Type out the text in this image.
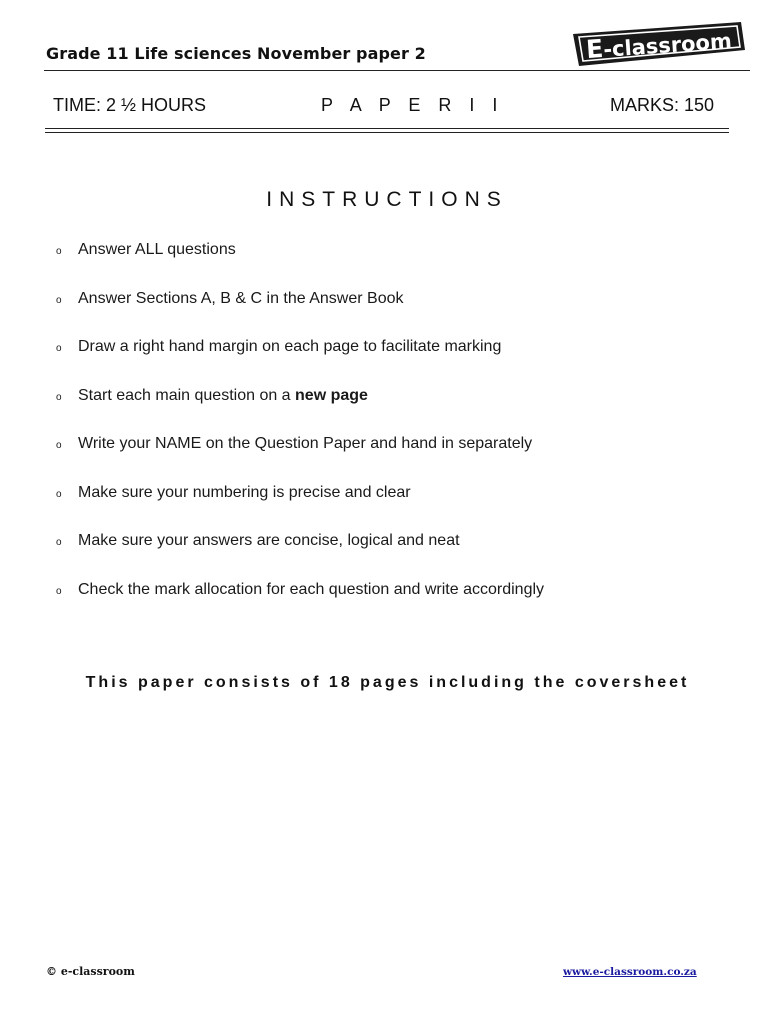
Grade 11 Life sciences November paper 2	E-classroom
TIME: 2 ½ HOURS	P A P E R I I	MARKS: 150
INSTRUCTIONS
o Answer ALL questions
o Answer Sections A, B & C in the Answer Book
o Draw a right hand margin on each page to facilitate marking
o Start each main question on a new page
o Write your NAME on the Question Paper and hand in separately
o Make sure your numbering is precise and clear
o Make sure your answers are concise, logical and neat
o Check the mark allocation for each question and write accordingly
This paper consists of 18 pages including the coversheet
© e-classroom	www.e-classroom.co.za
